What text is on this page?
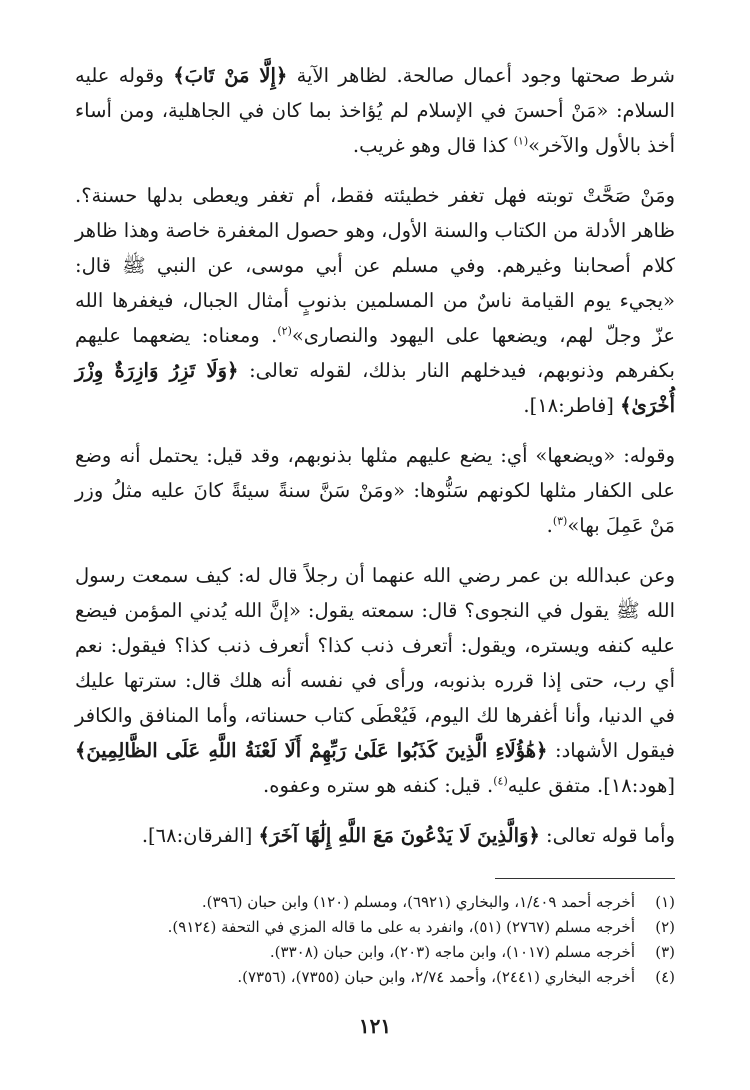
شرط صحتها وجود أعمال صالحة. لظاهر الآية ﴿إِلَّا مَنْ تَابَ﴾ وقوله عليه السلام: «مَنْ أحسنَ في الإسلام لم يُؤاخذ بما كان في الجاهلية، ومن أساء أخذ بالأول والآخر»$^{(١)}$ كذا قال وهو غريب.

ومَنْ صَحَّتْ توبته فهل تغفر خطيئته فقط، أم تغفر ويعطى بدلها حسنة؟. ظاهر الأدلة من الكتاب والسنة الأول، وهو حصول المغفرة خاصة وهذا ظاهر كلام أصحابنا وغيرهم. وفي مسلم عن أبي موسى، عن النبي ﷺ قال: «يجيء يوم القيامة ناسٌ من المسلمين بذنوبٍ أمثال الجبال، فيغفرها الله عزّ وجلّ لهم، ويضعها على اليهود والنصارى»$^{(٢)}$. ومعناه: يضعهما عليهم بكفرهم وذنوبهم، فيدخلهم النار بذلك، لقوله تعالى: ﴿وَلَا تَزِرُ وَازِرَةٌ وِزْرَ أُخْرَىٰ﴾ [فاطر:١٨].

وقوله: «ويضعها» أي: يضع عليهم مثلها بذنوبهم، وقد قيل: يحتمل أنه وضع على الكفار مثلها لكونهم سَنُّوها: «ومَنْ سَنَّ سنةً سيئةً كانَ عليه مثلُ وزر مَنْ عَمِلَ بها»$^{(٣)}$.

وعن عبدالله بن عمر رضي الله عنهما أن رجلاً قال له: كيف سمعت رسول الله ﷺ يقول في النجوى؟ قال: سمعته يقول: «إنَّ الله يُدني المؤمن فيضع عليه كنفه ويستره، ويقول: أتعرف ذنب كذا؟ أتعرف ذنب كذا؟ فيقول: نعم أي رب، حتى إذا قرره بذنوبه، ورأى في نفسه أنه هلك قال: سترتها عليك في الدنيا، وأنا أغفرها لك اليوم، فَيُعْطَى كتاب حسناته، وأما المنافق والكافر فيقول الأشهاد: ﴿هَٰؤُلَاءِ الَّذِينَ كَذَبُوا عَلَىٰ رَبِّهِمْ أَلَا لَعْنَةُ اللَّهِ عَلَى الظَّالِمِينَ﴾ [هود:١٨]. متفق عليه$^{(٤)}$. قيل: كنفه هو ستره وعفوه.

وأما قوله تعالى: ﴿وَالَّذِينَ لَا يَدْعُونَ مَعَ اللَّهِ إِلَٰهًا آخَرَ﴾ [الفرقان:٦٨].

(١)أخرجه أحمد ١/٤٠٩، والبخاري (٦٩٢١)، ومسلم (١٢٠) وابن حبان (٣٩٦).

(٢)أخرجه مسلم (٢٧٦٧) (٥١)، وانفرد به على ما قاله المزي في التحفة (٩١٢٤).

(٣)أخرجه مسلم (١٠١٧)، وابن ماجه (٢٠٣)، وابن حبان (٣٣٠٨).

(٤)أخرجه البخاري (٢٤٤١)، وأحمد ٢/٧٤، وابن حبان (٧٣٥٥)، (٧٣٥٦).

١٢١
